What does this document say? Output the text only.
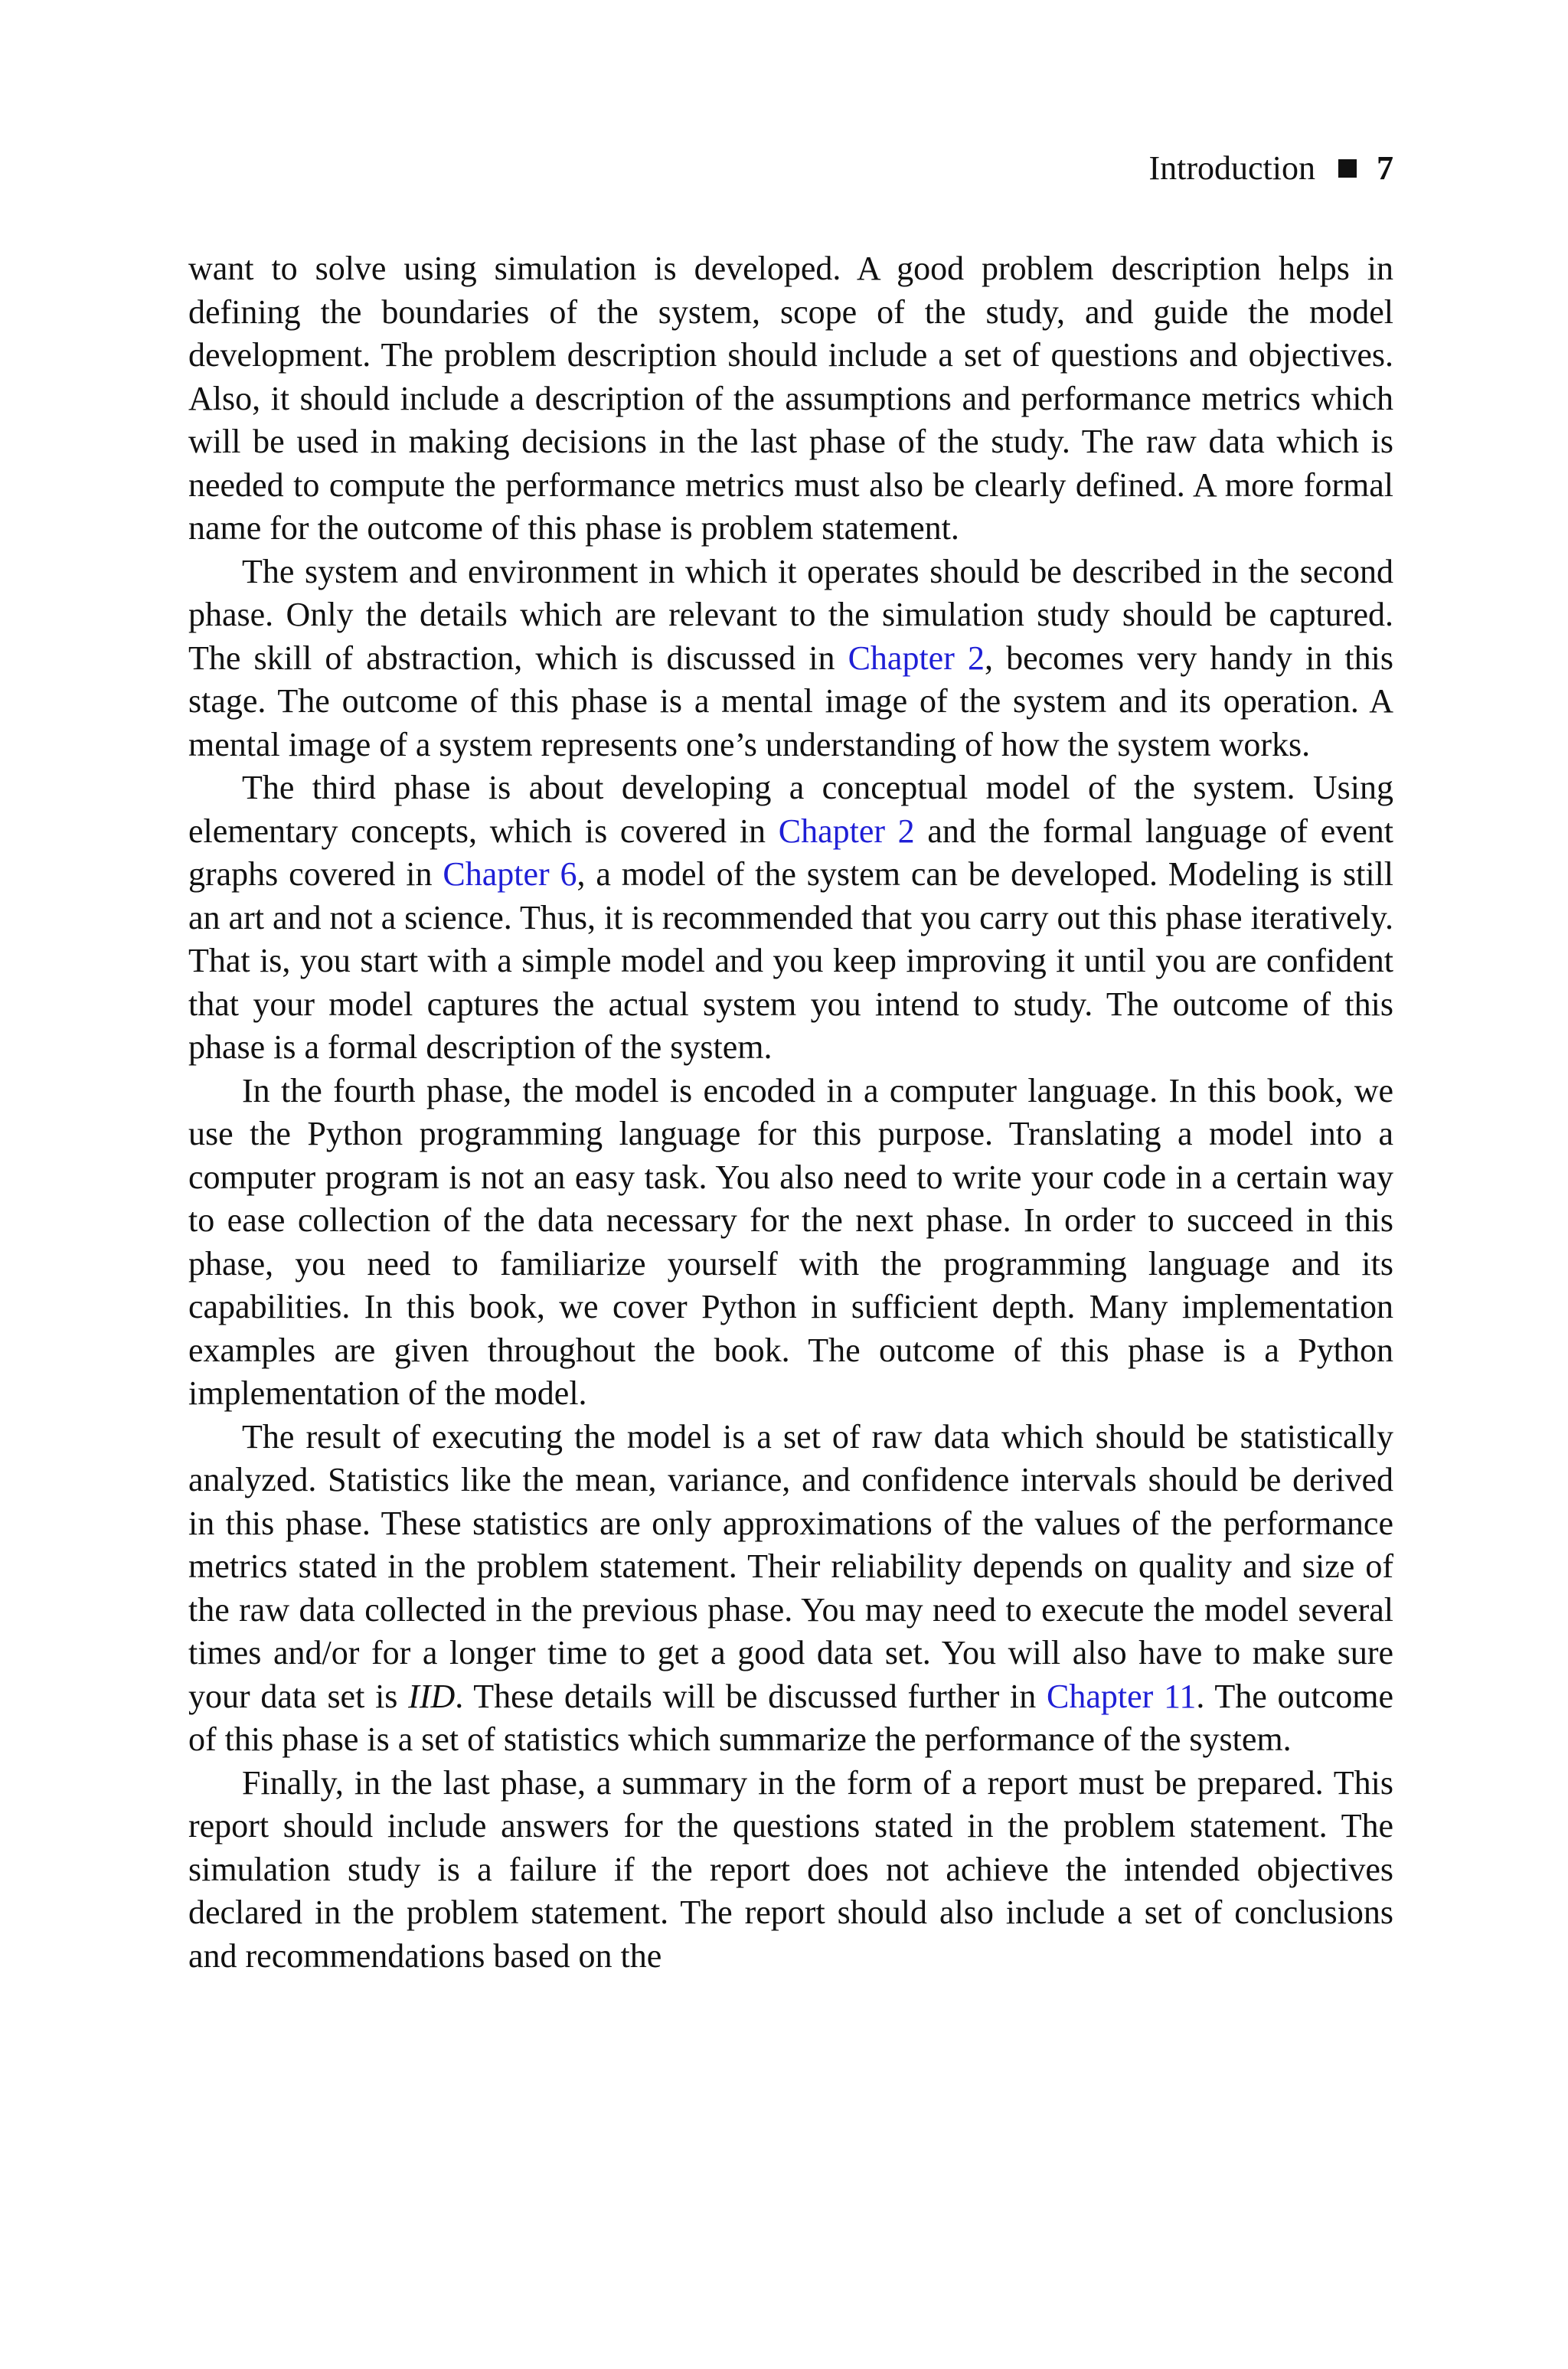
Introduction 7

want to solve using simulation is developed. A good problem description helps in defining the boundaries of the system, scope of the study, and guide the model development. The problem description should include a set of questions and objectives. Also, it should include a description of the assumptions and performance metrics which will be used in making decisions in the last phase of the study. The raw data which is needed to compute the performance metrics must also be clearly defined. A more formal name for the outcome of this phase is problem statement.

The system and environment in which it operates should be described in the second phase. Only the details which are relevant to the simulation study should be captured. The skill of abstraction, which is discussed in Chapter 2, becomes very handy in this stage. The outcome of this phase is a mental image of the system and its operation. A mental image of a system represents one’s understanding of how the system works.

The third phase is about developing a conceptual model of the system. Using elementary concepts, which is covered in Chapter 2 and the formal language of event graphs covered in Chapter 6, a model of the system can be developed. Modeling is still an art and not a science. Thus, it is recommended that you carry out this phase iteratively. That is, you start with a simple model and you keep improving it until you are confident that your model captures the actual system you intend to study. The outcome of this phase is a formal description of the system.

In the fourth phase, the model is encoded in a computer language. In this book, we use the Python programming language for this purpose. Translating a model into a computer program is not an easy task. You also need to write your code in a certain way to ease collection of the data necessary for the next phase. In order to succeed in this phase, you need to familiarize yourself with the programming language and its capabilities. In this book, we cover Python in sufficient depth. Many implementation examples are given throughout the book. The outcome of this phase is a Python implementation of the model.

The result of executing the model is a set of raw data which should be statistically analyzed. Statistics like the mean, variance, and confidence intervals should be derived in this phase. These statistics are only approximations of the values of the performance metrics stated in the problem statement. Their reliability depends on quality and size of the raw data collected in the previous phase. You may need to execute the model several times and/or for a longer time to get a good data set. You will also have to make sure your data set is IID. These details will be discussed further in Chapter 11. The outcome of this phase is a set of statistics which summarize the performance of the system.

Finally, in the last phase, a summary in the form of a report must be prepared. This report should include answers for the questions stated in the problem statement. The simulation study is a failure if the report does not achieve the intended objectives declared in the problem statement. The report should also include a set of conclusions and recommendations based on the
